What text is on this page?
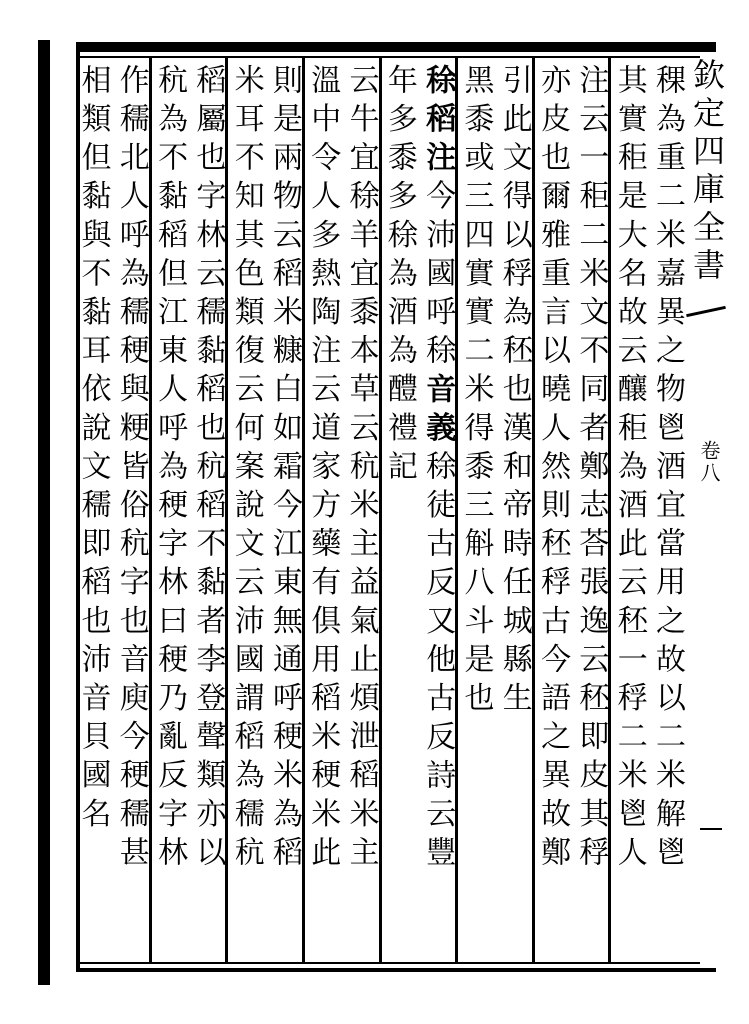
欽定四庫全書
卷八
稞為重二米嘉異之物鬯酒宜當用之故以二米解鬯
其實秬是大名故云釀秬為酒此云秠一稃二米鬯人
注云一秬二米文不同者鄭志荅張逸云秠即皮其稃
亦皮也爾雅重言以曉人然則秠稃古今語之異故鄭
引此文得以稃為秠也漢和帝時任城縣生
黑黍或三四實實二米得黍三斛八斗是也
稌稻注今沛國呼稌音義稌徒古反又他古反詩云豐
年多黍多稌為酒為醴禮記
云牛宜稌羊宜黍本草云秔米主益氣止煩泄稻米主
溫中令人多熱陶注云道家方藥有俱用稻米稉米此
則是兩物云稻米糠白如霜今江東無通呼稉米為稻
米耳不知其色類復云何案說文云沛國謂稻為穤秔
稻屬也字林云穤黏稻也秔稻不黏者李登聲類亦以
秔為不黏稻但江東人呼為稉字林曰稉乃亂反字林
作穤北人呼為穤稉與粳皆俗秔字也音庾今稉穤甚
相類但黏與不黏耳依說文穤即稻也沛音貝國名
